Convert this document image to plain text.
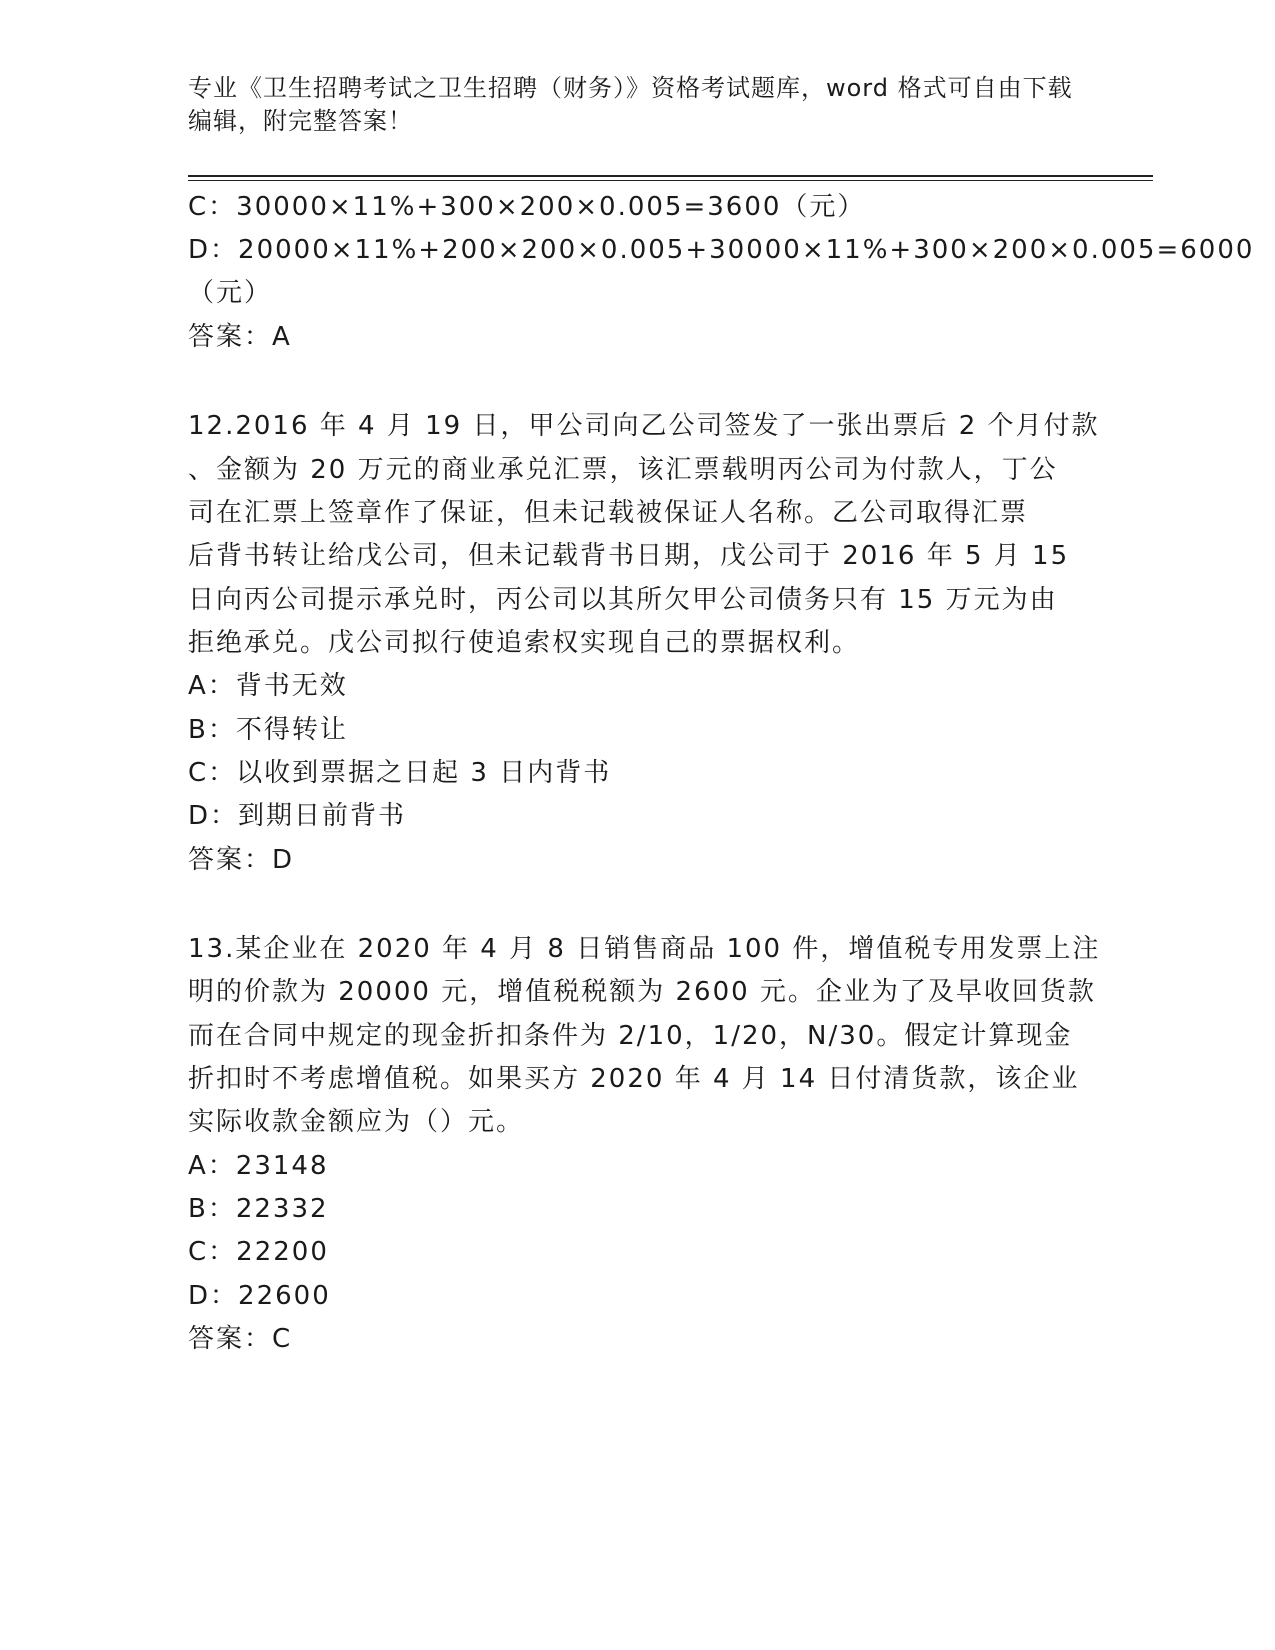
专业《卫生招聘考试之卫生招聘（财务）》资格考试题库，word 格式可自由下载
编辑，附完整答案！
C：30000×11%+300×200×0.005=3600（元）
D：20000×11%+200×200×0.005+30000×11%+300×200×0.005=6000
（元）
答案：A
12.2016 年 4 月 19 日，甲公司向乙公司签发了一张出票后 2 个月付款
、金额为 20 万元的商业承兑汇票，该汇票载明丙公司为付款人，丁公
司在汇票上签章作了保证，但未记载被保证人名称。乙公司取得汇票
后背书转让给戊公司，但未记载背书日期，戊公司于 2016 年 5 月 15
日向丙公司提示承兑时，丙公司以其所欠甲公司债务只有 15 万元为由
拒绝承兑。戊公司拟行使追索权实现自己的票据权利。
A：背书无效
B：不得转让
C：以收到票据之日起 3 日内背书
D：到期日前背书
答案：D
13.某企业在 2020 年 4 月 8 日销售商品 100 件，增值税专用发票上注
明的价款为 20000 元，增值税税额为 2600 元。企业为了及早收回货款
而在合同中规定的现金折扣条件为 2/10，1/20，N/30。假定计算现金
折扣时不考虑增值税。如果买方 2020 年 4 月 14 日付清货款，该企业
实际收款金额应为（）元。
A：23148
B：22332
C：22200
D：22600
答案：C
